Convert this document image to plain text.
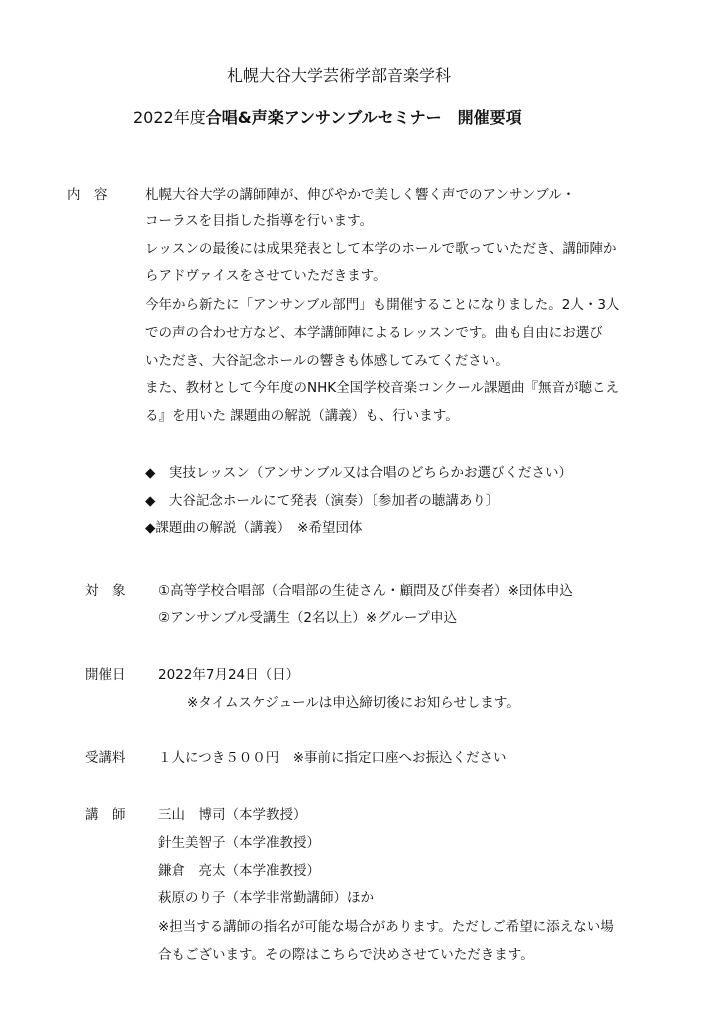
札幌大谷大学芸術学部音楽学科
2022年度合唱&声楽アンサンブルセミナー　開催要項
内　容	札幌大谷大学の講師陣が、伸びやかで美しく響く声でのアンサンブル・
コーラスを目指した指導を行います。
レッスンの最後には成果発表として本学のホールで歌っていただき、講師陣か
らアドヴァイスをさせていただきます。
今年から新たに「アンサンブル部門」も開催することになりました。2人・3人
での声の合わせ方など、本学講師陣によるレッスンです。曲も自由にお選び
いただき、大谷記念ホールの響きも体感してみてください。
また、教材として今年度のNHK全国学校音楽コンクール課題曲『無音が聴こえ
る』を用いた 課題曲の解説（講義）も、行います。
◆　実技レッスン（アンサンブル又は合唱のどちらかお選びください）
◆　大谷記念ホールにて発表（演奏）〔参加者の聴講あり〕
◆課題曲の解説（講義）　※希望団体
対　象 ①高等学校合唱部（合唱部の生徒さん・顧問及び伴奏者）※団体申込
②アンサンブル受講生（2名以上）※グループ申込
開催日 2022年7月24日（日）
※タイムスケジュールは申込締切後にお知らせします。
受講料 １人につき５００円　※事前に指定口座へお振込ください
講　師 三山　博司（本学教授）
針生美智子（本学准教授）
鎌倉　亮太（本学准教授）
萩原のり子（本学非常勤講師）ほか
※担当する講師の指名が可能な場合があります。ただしご希望に添えない場
合もございます。その際はこちらで決めさせていただきます。
